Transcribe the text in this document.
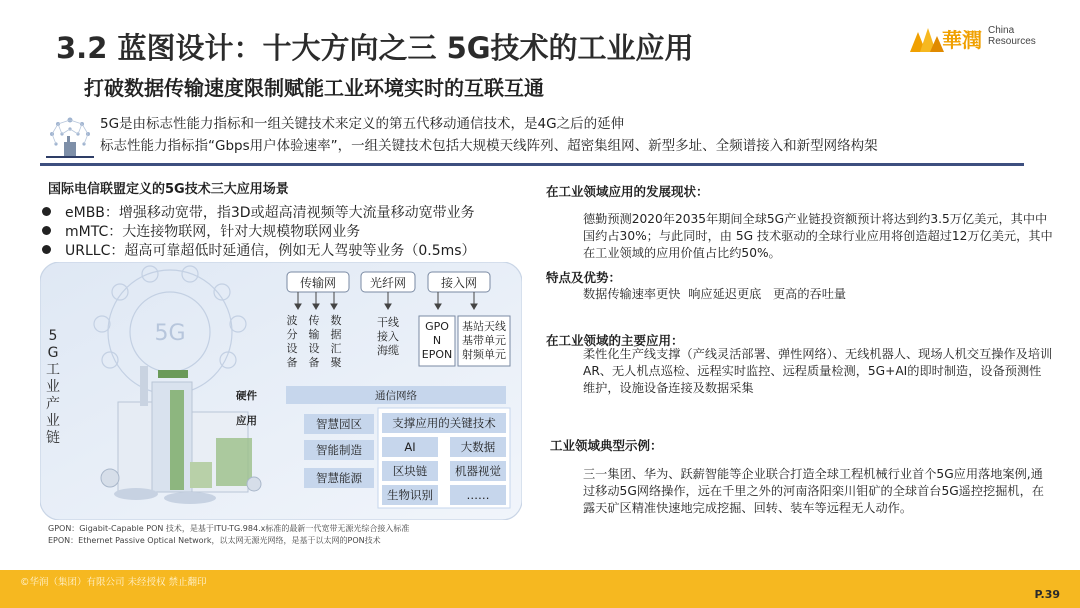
3.2 蓝图设计：十大方向之三 5G技术的工业应用
打破数据传输速度限制赋能工业环境实时的互联互通
華潤 China
Resources
5G是由标志性能力指标和一组关键技术来定义的第五代移动通信技术，是4G之后的延伸
标志性能力指标指“Gbps用户体验速率”，一组关键技术包括大规模天线阵列、超密集组网、新型多址、全频谱接入和新型网络构架
国际电信联盟定义的5G技术三大应用场景
eMBB：增强移动宽带，指3D或超高清视频等大流量移动宽带业务
mMTC：大连接物联网，针对大规模物联网业务
URLLC：超高可靠超低时延通信，例如无人驾驶等业务（0.5ms）
5G
传输网	光纤网	接入网
波分设备
传输设备
数据汇聚
干线接入海缆
GPO N EPON
基站天线基带单元射频单元
硬件	通信网络
应用	智慧园区
智能制造
智慧能源
支撑应用的关键技术
AI	大数据
区块链 机器视觉
生物识别	……
5
G
工
业
产
业
链
GPON：Gigabit-Capable PON 技术，是基于ITU-TG.984.x标准的最新一代宽带无源光综合接入标准
EPON：Ethernet Passive Optical Network，以太网无源光网络，是基于以太网的PON技术
在工业领域应用的发展现状：
德勤预测2020年2035年期间全球5G产业链投资额预计将达到约3.5万亿美元，其中中国约占30%；与此同时，由 5G 技术驱动的全球行业应用将创造超过12万亿美元，其中在工业领域的应用价值占比约50%。
特点及优势：
数据传输速率更快  响应延迟更底   更高的吞吐量
在工业领域的主要应用：
柔性化生产线支撑（产线灵活部署、弹性网络）、无线机器人、现场人机交互操作及培训AR、无人机点巡检、远程实时监控、远程质量检测，5G+AI的即时制造，设备预测性维护，设施设备连接及数据采集
工业领域典型示例：
三一集团、华为、跃薪智能等企业联合打造全球工程机械行业首个5G应用落地案例,通过移动5G网络操作，远在千里之外的河南洛阳栾川钼矿的全球首台5G遥控挖掘机，在露天矿区精准快速地完成挖掘、回转、装车等远程无人动作。
©华润（集团）有限公司 未经授权 禁止翻印
P.39
